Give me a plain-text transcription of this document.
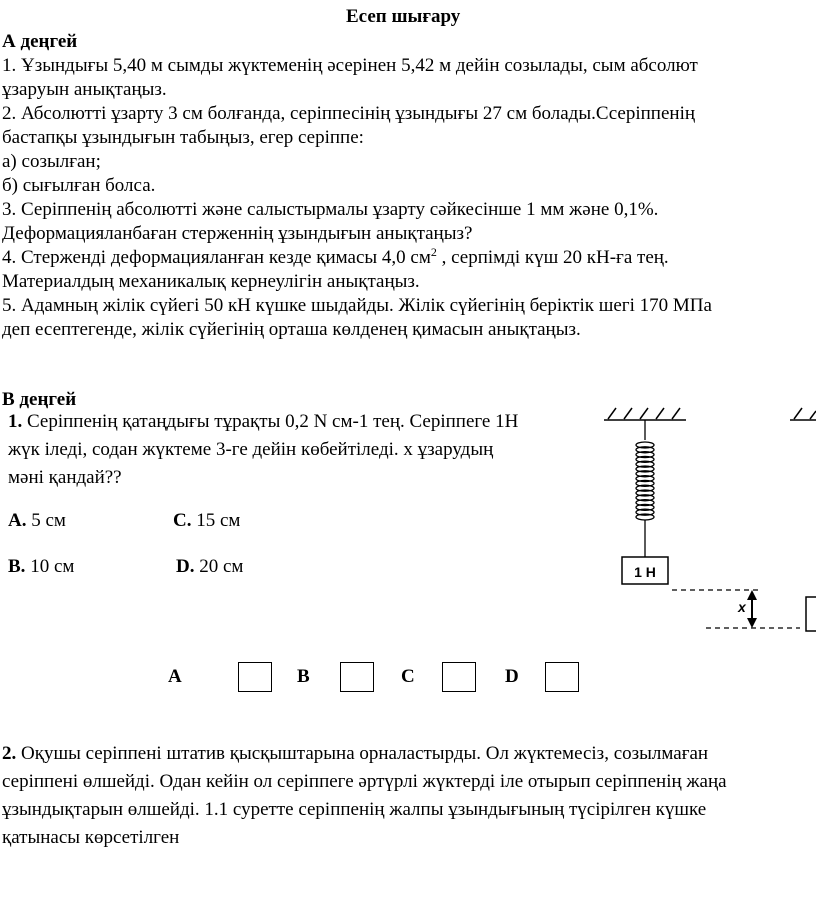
Есеп шығару
А деңгей
1. Ұзындығы 5,40 м сымды жүктеменің әсерінен 5,42 м дейін созылады, сым абсолют
ұзаруын анықтаңыз.
2. Абсолютті ұзарту 3 см болғанда, серіппесінің ұзындығы 27 см болады.Ссеріппенің
бастапқы ұзындығын табыңыз, егер серіппе:
а) созылған;
б) сығылған болса.
3. Серіппенің абсолютті және салыстырмалы ұзарту сәйкесінше 1 мм және 0,1%.
Деформацияланбаған стерженнің ұзындығын анықтаңыз?
4. Стерженді деформацияланған кезде қимасы 4,0 $см^2$ , серпімді күш 20 кН-ға тең.
Материалдың механикалық кернеулігін анықтаңыз.
5. Адамның жілік сүйегі 50 кН күшке шыдайды. Жілік сүйегінің беріктік шегі 170 МПа
деп есептегенде, жілік сүйегінің орташа көлденең қимасын анықтаңыз.
В деңгей
1. Серіппенің қатаңдығы тұрақты 0,2 N см-1 тең. Серіппеге 1Н
жүк іледі, содан жүктеме 3-ге дейін көбейтіледі. х ұзарудың
мәні қандай??
A. 5 см	C. 15 см
B. 10 см	D. 20 см
A	B	C	D
1 Н
x
2. Оқушы серіппені штатив қысқыштарына орналастырды. Ол жүктемесіз, созылмаған
серіппені өлшейді. Одан кейін ол серіппеге әртүрлі жүктерді іле отырып серіппенің жаңа
ұзындықтарын өлшейді. 1.1 суретте серіппенің жалпы ұзындығының түсірілген күшке
қатынасы көрсетілген
